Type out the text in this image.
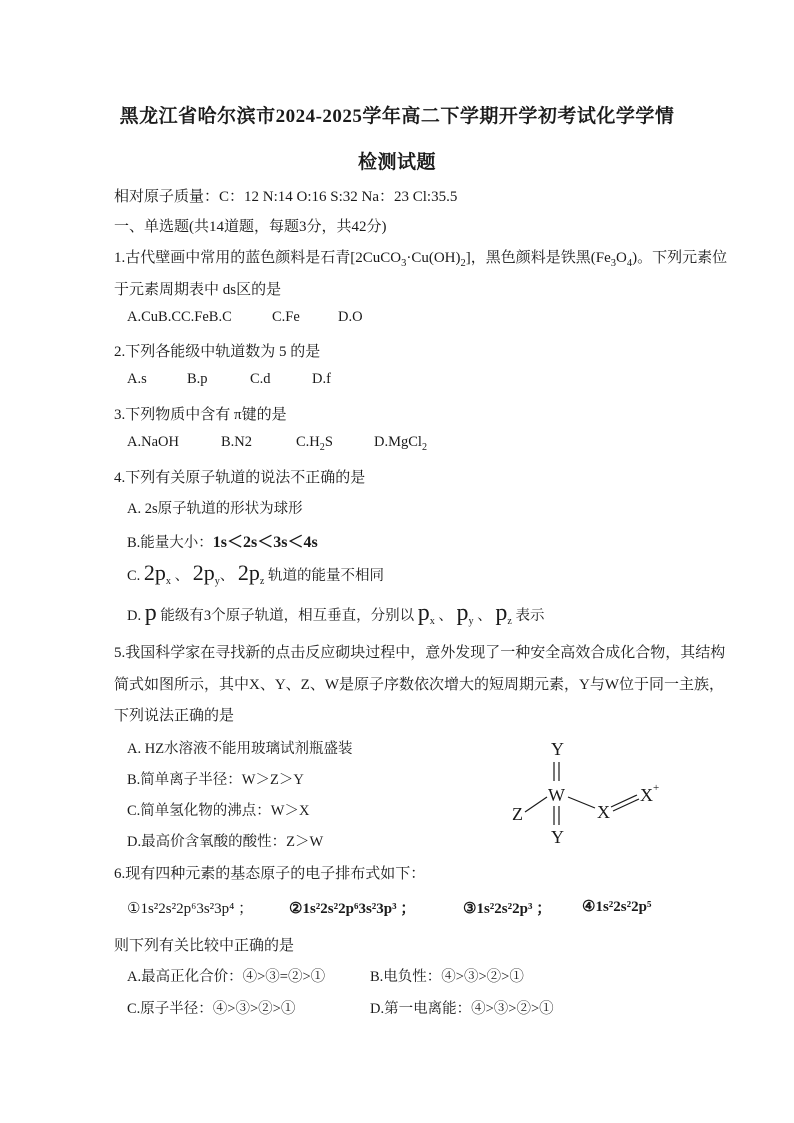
黑龙江省哈尔滨市2024-2025学年高二下学期开学初考试化学学情
检测试题
相对原子质量：C：12 N:14 O:16 S:32 Na：23 Cl:35.5
一、单选题(共14道题，每题3分，共42分)
1.古代壁画中常用的蓝色颜料是石青$[2CuCO_3\cdot Cu(OH)_2]$，黑色颜料是铁黑$(Fe_3O_4)$。下列元素位
于元素周期表中 ds区的是
A.CuB.CC.FeB.C	C.Fe	D.O
2.下列各能级中轨道数为 5 的是
A.s	B.p	C.d	D.f
3.下列物质中含有 π键的是
A.NaOH	B.N2	$C.H_2S$	D.MgCl$_2$
4.下列有关原子轨道的说法不正确的是
A. 2s原子轨道的形状为球形
B.能量大小：1s＜2s＜3s＜4s
C. $2p_x$ 、 $2p_y$、 $2p_z$ 轨道的能量不相同
D. p 能级有3个原子轨道，相互垂直，分别以 $p_x$ 、 $p_y$ 、 $p_z$ 表示
5.我国科学家在寻找新的点击反应砌块过程中，意外发现了一种安全高效合成化合物，其结构
简式如图所示，其中X、Y、Z、W是原子序数依次增大的短周期元素，Y与W位于同一主族，
下列说法正确的是
A. HZ水溶液不能用玻璃试剂瓶盛装
B.简单离子半径：W＞Z＞Y
C.简单氢化物的沸点：W＞X
D.最高价含氧酸的酸性：Z＞W
Y
W
Y
Z	X
X +
6.现有四种元素的基态原子的电子排布式如下：
①1s²2s²2p⁶3s²3p⁴ ； ②1s²2s²2p⁶3s²3p³ ；	③1s²2s²2p³ ； ④1s²2s²2p⁵
则下列有关比较中正确的是
A.最高正化合价：④>③=②>①	B.电负性：④>③>②>①
C.原子半径：④>③>②>①	D.第一电离能：④>③>②>①
